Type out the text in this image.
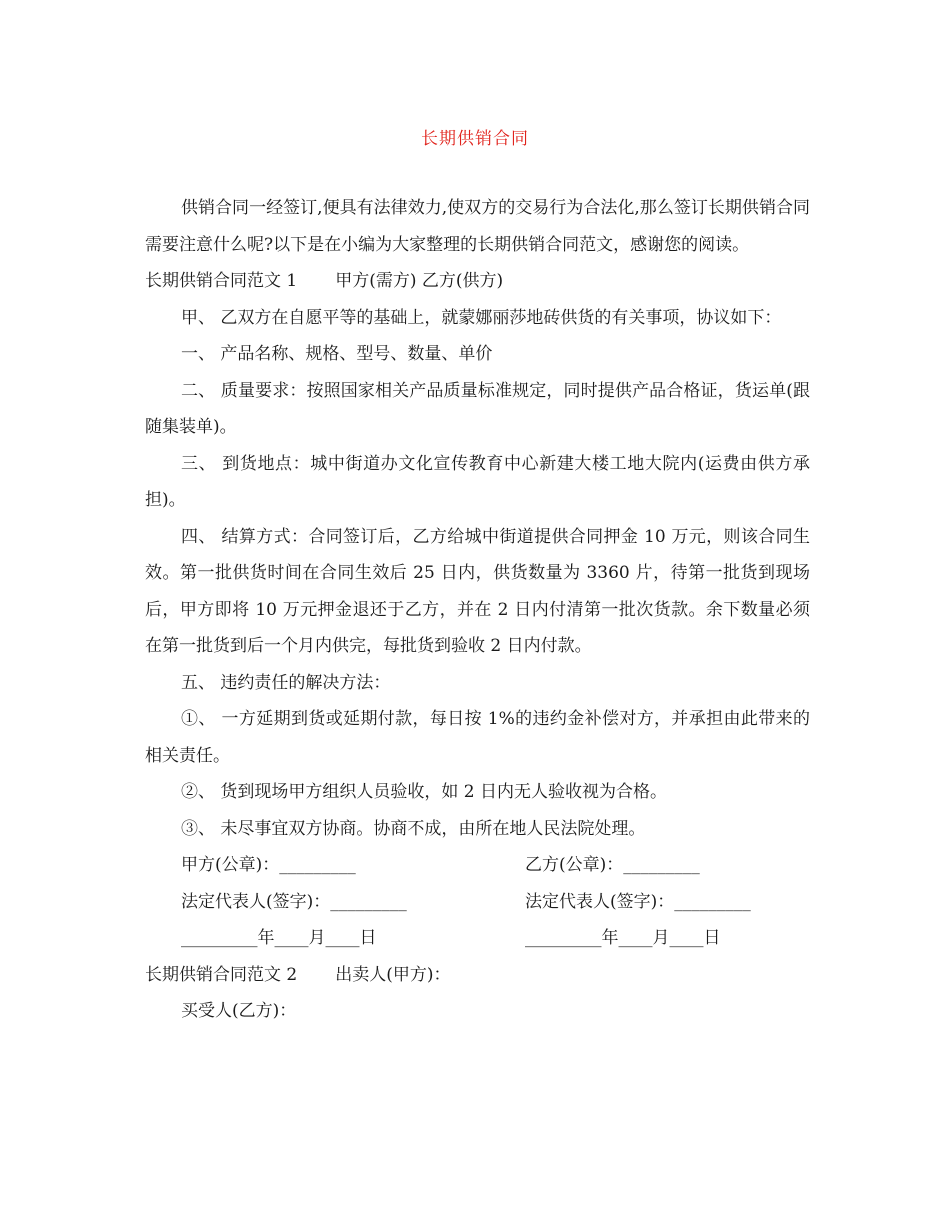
长期供销合同

供销合同一经签订,便具有法律效力,使双方的交易行为合法化,那么签订长期供销合同需要注意什么呢?以下是在小编为大家整理的长期供销合同范文，感谢您的阅读。

长期供销合同范文 1 甲方(需方) 乙方(供方)

甲、 乙双方在自愿平等的基础上，就蒙娜丽莎地砖供货的有关事项，协议如下：

一、 产品名称、规格、型号、数量、单价

二、 质量要求：按照国家相关产品质量标准规定，同时提供产品合格证，货运单(跟随集装单)。

三、 到货地点：城中街道办文化宣传教育中心新建大楼工地大院内(运费由供方承担)。

四、 结算方式：合同签订后，乙方给城中街道提供合同押金 10 万元，则该合同生效。第一批供货时间在合同生效后 25 日内，供货数量为 3360 片，待第一批货到现场后，甲方即将 10 万元押金退还于乙方，并在 2 日内付清第一批次货款。余下数量必须在第一批货到后一个月内供完，每批货到验收 2 日内付款。

五、 违约责任的解决方法：

①、 一方延期到货或延期付款，每日按 1%的违约金补偿对方，并承担由此带来的相关责任。

②、 货到现场甲方组织人员验收，如 2 日内无人验收视为合格。

③、 未尽事宜双方协商。协商不成，由所在地人民法院处理。

甲方(公章)：_________	乙方(公章)：_________
法定代表人(签字)：_________	法定代表人(签字)：_________
_________年____月____日	_________年____月____日

长期供销合同范文 2 出卖人(甲方)：

买受人(乙方)：
